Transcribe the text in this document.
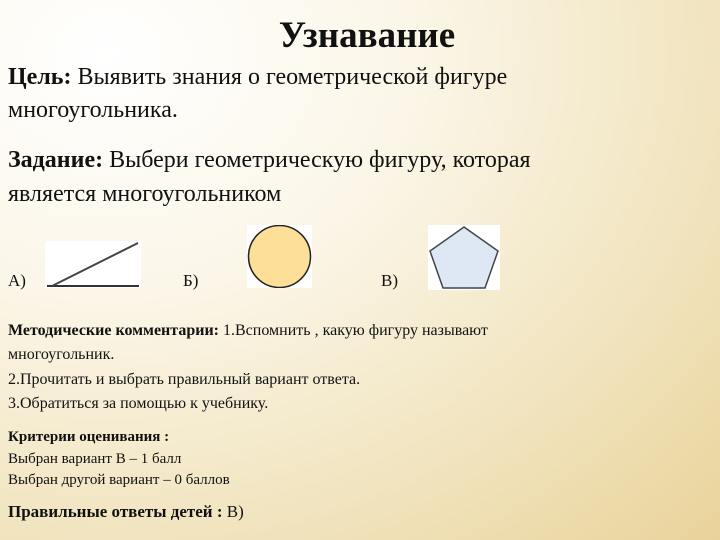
Узнавание
Цель: Выявить знания о геометрической фигуре
многоугольника.
Задание: Выбери геометрическую фигуру, которая
является многоугольником
А)	Б)	В)
Методические комментарии: 1.Вспомнить , какую фигуру называют
многоугольник.
2.Прочитать и выбрать правильный вариант ответа.
3.Обратиться за помощью к учебнику.
Критерии оценивания :
Выбран вариант В – 1 балл
Выбран другой вариант – 0 баллов
Правильные ответы детей : В)
